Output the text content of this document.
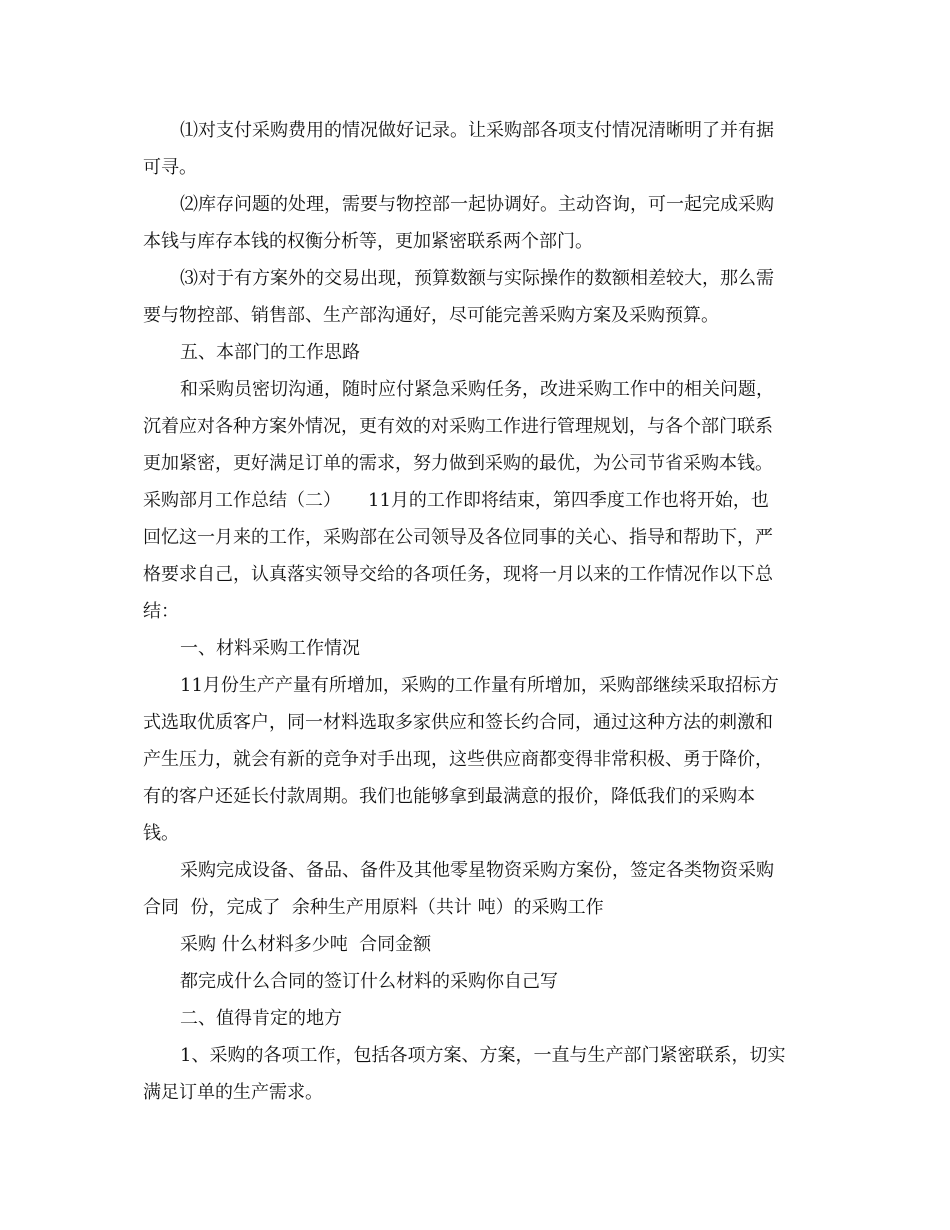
⑴对支付采购费用的情况做好记录。让采购部各项支付情况清晰明了并有据

可寻。

⑵库存问题的处理，需要与物控部一起协调好。主动咨询，可一起完成采购

本钱与库存本钱的权衡分析等，更加紧密联系两个部门。

⑶对于有方案外的交易出现，预算数额与实际操作的数额相差较大，那么需

要与物控部、销售部、生产部沟通好，尽可能完善采购方案及采购预算。

五、本部门的工作思路

和采购员密切沟通，随时应付紧急采购任务，改进采购工作中的相关问题，

沉着应对各种方案外情况，更有效的对采购工作进行管理规划，与各个部门联系

更加紧密，更好满足订单的需求，努力做到采购的最优，为公司节省采购本钱。

采购部月工作总结（二）　　11月的工作即将结束，第四季度工作也将开始，也

回忆这一月来的工作，采购部在公司领导及各位同事的关心、指导和帮助下，严

格要求自己，认真落实领导交给的各项任务，现将一月以来的工作情况作以下总

结：

一、材料采购工作情况

11月份生产产量有所增加，采购的工作量有所增加，采购部继续采取招标方

式选取优质客户，同一材料选取多家供应和签长约合同，通过这种方法的刺激和

产生压力，就会有新的竞争对手出现，这些供应商都变得非常积极、勇于降价，

有的客户还延长付款周期。我们也能够拿到最满意的报价，降低我们的采购本

钱。

采购完成设备、备品、备件及其他零星物资采购方案份，签定各类物资采购

合同  份，完成了  余种生产用原料（共计 吨）的采购工作

采购 什么材料多少吨  合同金额

都完成什么合同的签订什么材料的采购你自己写

二、值得肯定的地方

1、采购的各项工作，包括各项方案、方案，一直与生产部门紧密联系，切实

满足订单的生产需求。
